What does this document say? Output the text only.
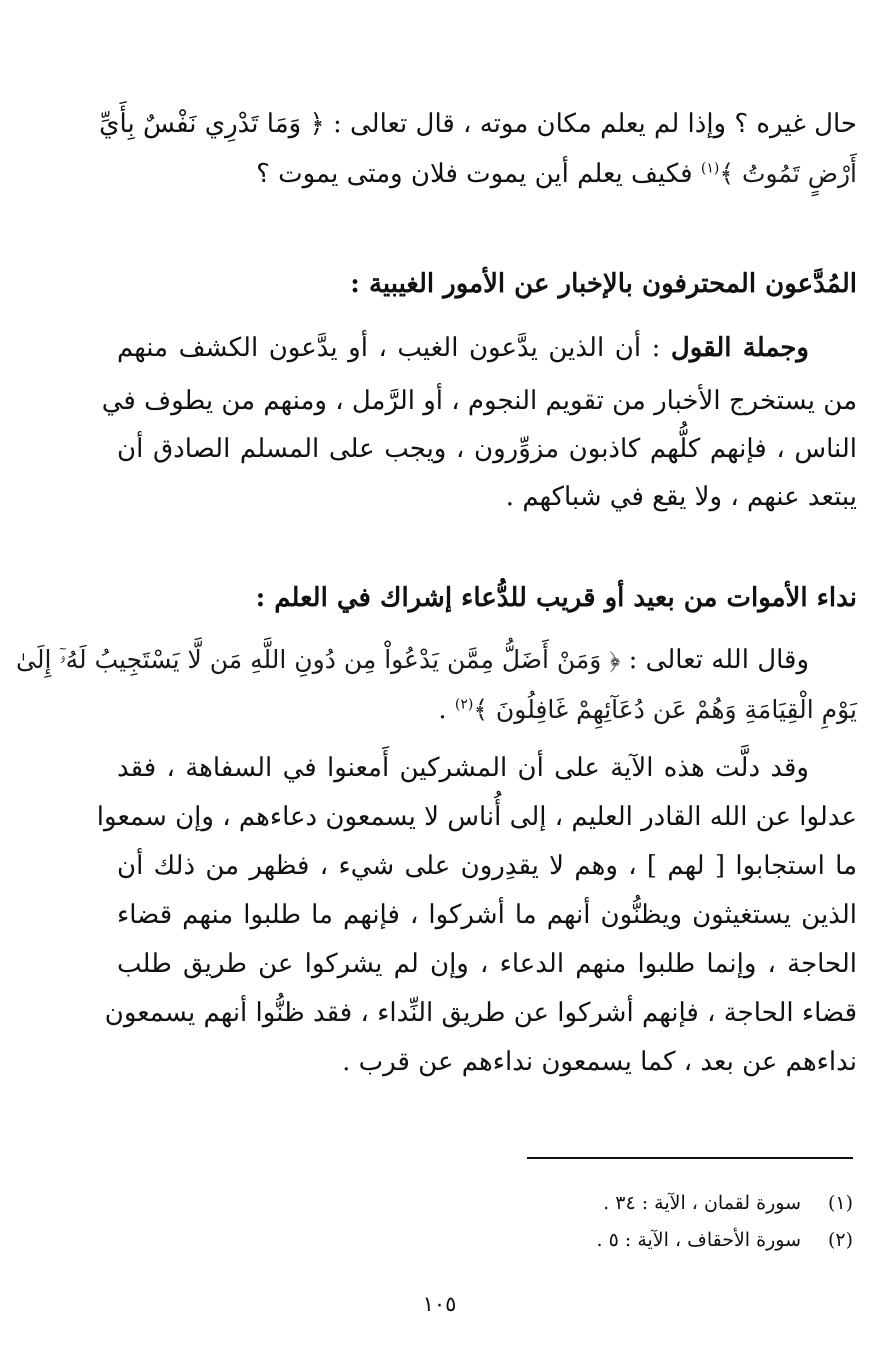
حال غيره ؟ وإذا لم يعلم مكان موته ، قال تعالى : ﴿ وَمَا تَدْرِي نَفْسٌ بِأَيِّ
أَرْضٍ تَمُوتُ ﴾$^{(١)}$ فكيف يعلم أين يموت فلان ومتى يموت ؟
المُدَّعون المحترفون بالإخبار عن الأمور الغيبية :
وجملة القول : أن الذين يدَّعون الغيب ، أو يدَّعون الكشف منهم
من يستخرج الأخبار من تقويم النجوم ، أو الرَّمل ، ومنهم من يطوف في
الناس ، فإنهم كلُّهم كاذبون مزوِّرون ، ويجب على المسلم الصادق أن
يبتعد عنهم ، ولا يقع في شباكهم .
نداء الأموات من بعيد أو قريب للدُّعاء إشراك في العلم :
وقال الله تعالى : ﴿ وَمَنْ أَضَلُّ مِمَّن يَدْعُواْ مِن دُونِ اللَّهِ مَن لَّا يَسْتَجِيبُ لَهُۥٓ إِلَىٰ
يَوْمِ الْقِيَامَةِ وَهُمْ عَن دُعَآئِهِمْ غَافِلُونَ ﴾$^{(٢)}$ .
وقد دلَّت هذه الآية على أن المشركين أَمعنوا في السفاهة ، فقد
عدلوا عن الله القادر العليم ، إلى أُناس لا يسمعون دعاءهم ، وإن سمعوا
ما استجابوا [ لهم ] ، وهم لا يقدِرون على شيء ، فظهر من ذلك أن
الذين يستغيثون ويظنُّون أنهم ما أشركوا ، فإنهم ما طلبوا منهم قضاء
الحاجة ، وإنما طلبوا منهم الدعاء ، وإن لم يشركوا عن طريق طلب
قضاء الحاجة ، فإنهم أشركوا عن طريق النِّداء ، فقد ظنُّوا أنهم يسمعون
نداءهم عن بعد ، كما يسمعون نداءهم عن قرب .
(١)سورة لقمان ، الآية : ٣٤ .
(٢)سورة الأحقاف ، الآية : ٥ .
١٠٥
